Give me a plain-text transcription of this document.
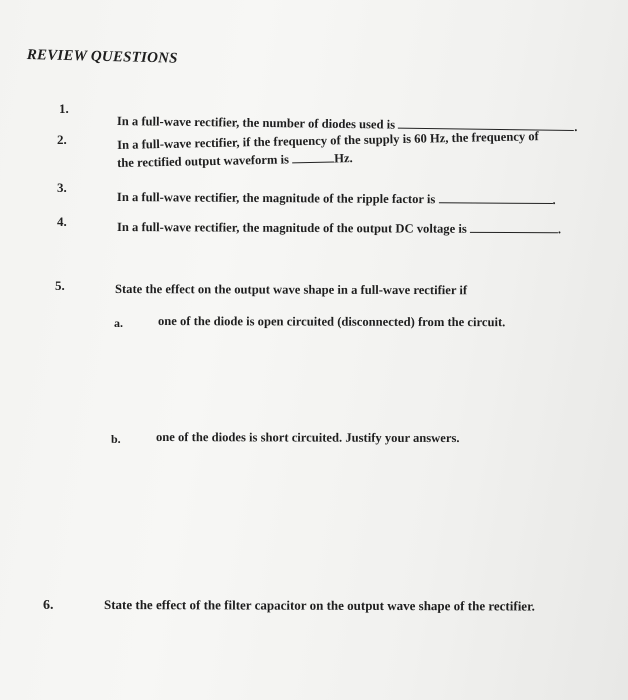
REVIEW QUESTIONS
1.
In a full-wave rectifier, the number of diodes used is	.
2.	In a full-wave rectifier, if the frequency of the supply is 60 Hz, the frequency of
the rectified output waveform is	Hz.
3.
In a full-wave rectifier, the magnitude of the ripple factor is	.
4.	In a full-wave rectifier, the magnitude of the output DC voltage is	.
5.	State the effect on the output wave shape in a full-wave rectifier if
a.	one of the diode is open circuited (disconnected) from the circuit.
b.	one of the diodes is short circuited. Justify your answers.
6.	State the effect of the filter capacitor on the output wave shape of the rectifier.
